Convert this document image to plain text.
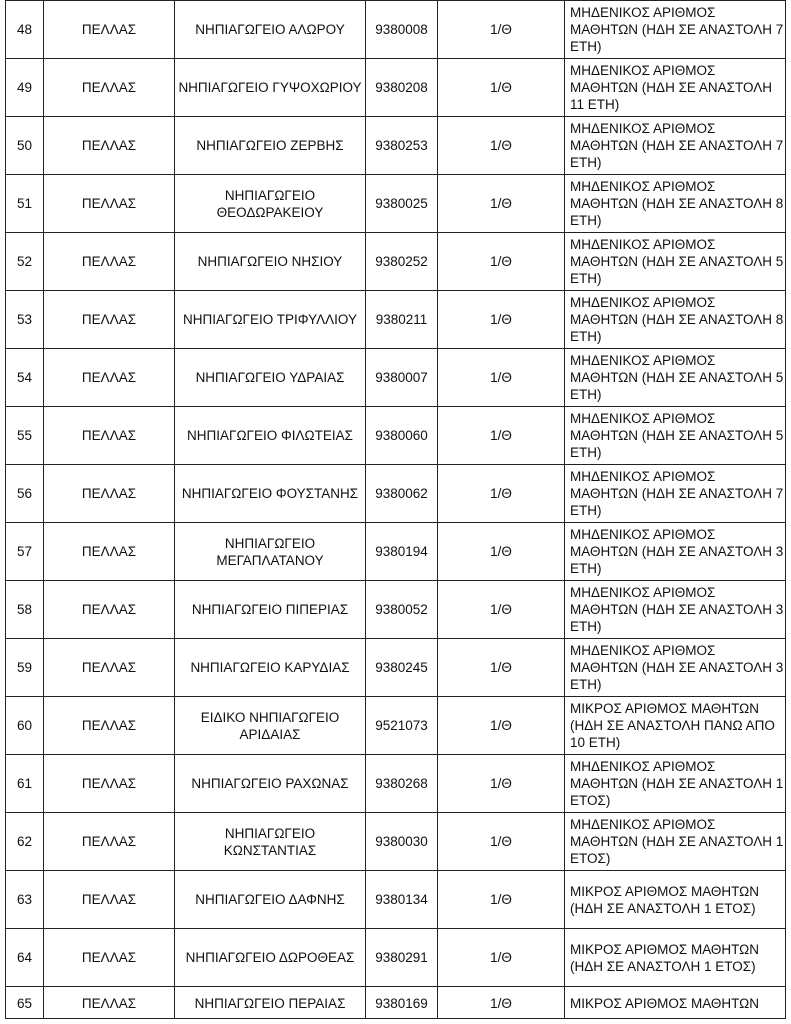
48	ΠΕΛΛΑΣ	ΝΗΠΙΑΓΩΓΕΙΟ ΑΛΩΡΟΥ	9380008	1/Θ	ΜΗΔΕΝΙΚΟΣ ΑΡΙΘΜΟΣ ΜΑΘΗΤΩΝ (ΗΔΗ ΣΕ ΑΝΑΣΤΟΛΗ 7 ΕΤΗ)
49	ΠΕΛΛΑΣ	ΝΗΠΙΑΓΩΓΕΙΟ ΓΥΨΟΧΩΡΙΟΥ	9380208	1/Θ	ΜΗΔΕΝΙΚΟΣ ΑΡΙΘΜΟΣ ΜΑΘΗΤΩΝ (ΗΔΗ ΣΕ ΑΝΑΣΤΟΛΗ 11 ΕΤΗ)
50	ΠΕΛΛΑΣ	ΝΗΠΙΑΓΩΓΕΙΟ ΖΕΡΒΗΣ	9380253	1/Θ	ΜΗΔΕΝΙΚΟΣ ΑΡΙΘΜΟΣ ΜΑΘΗΤΩΝ (ΗΔΗ ΣΕ ΑΝΑΣΤΟΛΗ 7 ΕΤΗ)
51	ΠΕΛΛΑΣ	ΝΗΠΙΑΓΩΓΕΙΟ ΘΕΟΔΩΡΑΚΕΙΟΥ	9380025	1/Θ	ΜΗΔΕΝΙΚΟΣ ΑΡΙΘΜΟΣ ΜΑΘΗΤΩΝ (ΗΔΗ ΣΕ ΑΝΑΣΤΟΛΗ 8 ΕΤΗ)
52	ΠΕΛΛΑΣ	ΝΗΠΙΑΓΩΓΕΙΟ ΝΗΣΙΟΥ	9380252	1/Θ	ΜΗΔΕΝΙΚΟΣ ΑΡΙΘΜΟΣ ΜΑΘΗΤΩΝ (ΗΔΗ ΣΕ ΑΝΑΣΤΟΛΗ 5 ΕΤΗ)
53	ΠΕΛΛΑΣ	ΝΗΠΙΑΓΩΓΕΙΟ ΤΡΙΦΥΛΛΙΟΥ	9380211	1/Θ	ΜΗΔΕΝΙΚΟΣ ΑΡΙΘΜΟΣ ΜΑΘΗΤΩΝ (ΗΔΗ ΣΕ ΑΝΑΣΤΟΛΗ 8 ΕΤΗ)
54	ΠΕΛΛΑΣ	ΝΗΠΙΑΓΩΓΕΙΟ ΥΔΡΑΙΑΣ	9380007	1/Θ	ΜΗΔΕΝΙΚΟΣ ΑΡΙΘΜΟΣ ΜΑΘΗΤΩΝ (ΗΔΗ ΣΕ ΑΝΑΣΤΟΛΗ 5 ΕΤΗ)
55	ΠΕΛΛΑΣ	ΝΗΠΙΑΓΩΓΕΙΟ ΦΙΛΩΤΕΙΑΣ	9380060	1/Θ	ΜΗΔΕΝΙΚΟΣ ΑΡΙΘΜΟΣ ΜΑΘΗΤΩΝ (ΗΔΗ ΣΕ ΑΝΑΣΤΟΛΗ 5 ΕΤΗ)
56	ΠΕΛΛΑΣ	ΝΗΠΙΑΓΩΓΕΙΟ ΦΟΥΣΤΑΝΗΣ	9380062	1/Θ	ΜΗΔΕΝΙΚΟΣ ΑΡΙΘΜΟΣ ΜΑΘΗΤΩΝ (ΗΔΗ ΣΕ ΑΝΑΣΤΟΛΗ 7 ΕΤΗ)
57	ΠΕΛΛΑΣ	ΝΗΠΙΑΓΩΓΕΙΟ ΜΕΓΑΠΛΑΤΑΝΟΥ	9380194	1/Θ	ΜΗΔΕΝΙΚΟΣ ΑΡΙΘΜΟΣ ΜΑΘΗΤΩΝ (ΗΔΗ ΣΕ ΑΝΑΣΤΟΛΗ 3 ΕΤΗ)
58	ΠΕΛΛΑΣ	ΝΗΠΙΑΓΩΓΕΙΟ ΠΙΠΕΡΙΑΣ	9380052	1/Θ	ΜΗΔΕΝΙΚΟΣ ΑΡΙΘΜΟΣ ΜΑΘΗΤΩΝ (ΗΔΗ ΣΕ ΑΝΑΣΤΟΛΗ 3 ΕΤΗ)
59	ΠΕΛΛΑΣ	ΝΗΠΙΑΓΩΓΕΙΟ ΚΑΡΥΔΙΑΣ	9380245	1/Θ	ΜΗΔΕΝΙΚΟΣ ΑΡΙΘΜΟΣ ΜΑΘΗΤΩΝ (ΗΔΗ ΣΕ ΑΝΑΣΤΟΛΗ 3 ΕΤΗ)
60	ΠΕΛΛΑΣ	ΕΙΔΙΚΟ ΝΗΠΙΑΓΩΓΕΙΟ ΑΡΙΔΑΙΑΣ	9521073	1/Θ	ΜΙΚΡΟΣ ΑΡΙΘΜΟΣ ΜΑΘΗΤΩΝ (ΗΔΗ ΣΕ ΑΝΑΣΤΟΛΗ ΠΑΝΩ ΑΠΟ 10 ΕΤΗ)
61	ΠΕΛΛΑΣ	ΝΗΠΙΑΓΩΓΕΙΟ ΡΑΧΩΝΑΣ	9380268	1/Θ	ΜΗΔΕΝΙΚΟΣ ΑΡΙΘΜΟΣ ΜΑΘΗΤΩΝ (ΗΔΗ ΣΕ ΑΝΑΣΤΟΛΗ 1 ΕΤΟΣ)
62	ΠΕΛΛΑΣ	ΝΗΠΙΑΓΩΓΕΙΟ ΚΩΝΣΤΑΝΤΙΑΣ	9380030	1/Θ	ΜΗΔΕΝΙΚΟΣ ΑΡΙΘΜΟΣ ΜΑΘΗΤΩΝ (ΗΔΗ ΣΕ ΑΝΑΣΤΟΛΗ 1 ΕΤΟΣ)
63	ΠΕΛΛΑΣ	ΝΗΠΙΑΓΩΓΕΙΟ ΔΑΦΝΗΣ	9380134	1/Θ	ΜΙΚΡΟΣ ΑΡΙΘΜΟΣ ΜΑΘΗΤΩΝ (ΗΔΗ ΣΕ ΑΝΑΣΤΟΛΗ 1 ΕΤΟΣ)
64	ΠΕΛΛΑΣ	ΝΗΠΙΑΓΩΓΕΙΟ ΔΩΡΟΘΕΑΣ	9380291	1/Θ	ΜΙΚΡΟΣ ΑΡΙΘΜΟΣ ΜΑΘΗΤΩΝ (ΗΔΗ ΣΕ ΑΝΑΣΤΟΛΗ 1 ΕΤΟΣ)
65	ΠΕΛΛΑΣ	ΝΗΠΙΑΓΩΓΕΙΟ ΠΕΡΑΙΑΣ	9380169	1/Θ	ΜΙΚΡΟΣ ΑΡΙΘΜΟΣ ΜΑΘΗΤΩΝ
